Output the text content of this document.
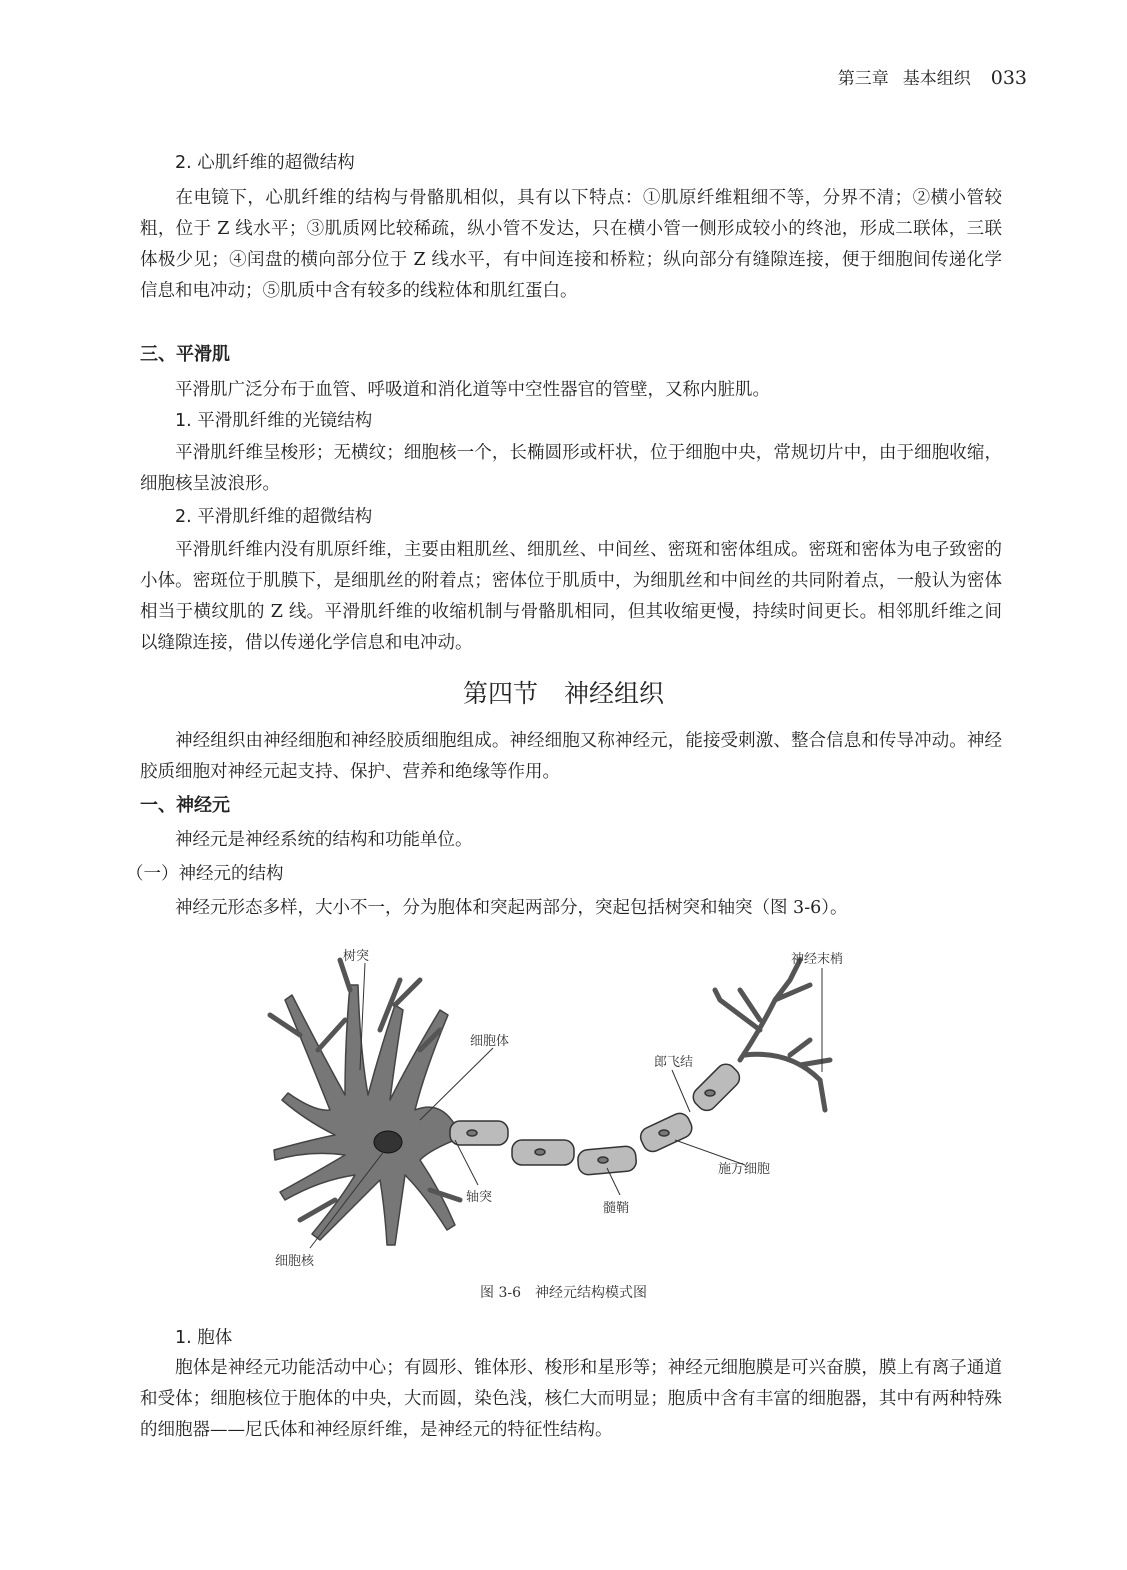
第三章 基本组织 033
2. 心肌纤维的超微结构
在电镜下，心肌纤维的结构与骨骼肌相似，具有以下特点：①肌原纤维粗细不等，分界不清；②横小管较粗，位于 Z 线水平；③肌质网比较稀疏，纵小管不发达，只在横小管一侧形成较小的终池，形成二联体，三联体极少见；④闰盘的横向部分位于 Z 线水平，有中间连接和桥粒；纵向部分有缝隙连接，便于细胞间传递化学信息和电冲动；⑤肌质中含有较多的线粒体和肌红蛋白。
三、平滑肌
平滑肌广泛分布于血管、呼吸道和消化道等中空性器官的管壁，又称内脏肌。
1. 平滑肌纤维的光镜结构
平滑肌纤维呈梭形；无横纹；细胞核一个，长椭圆形或杆状，位于细胞中央，常规切片中，由于细胞收缩，细胞核呈波浪形。
2. 平滑肌纤维的超微结构
平滑肌纤维内没有肌原纤维，主要由粗肌丝、细肌丝、中间丝、密斑和密体组成。密斑和密体为电子致密的小体。密斑位于肌膜下，是细肌丝的附着点；密体位于肌质中，为细肌丝和中间丝的共同附着点，一般认为密体相当于横纹肌的 Z 线。平滑肌纤维的收缩机制与骨骼肌相同，但其收缩更慢，持续时间更长。相邻肌纤维之间以缝隙连接，借以传递化学信息和电冲动。
第四节 神经组织
神经组织由神经细胞和神经胶质细胞组成。神经细胞又称神经元，能接受刺激、整合信息和传导冲动。神经胶质细胞对神经元起支持、保护、营养和绝缘等作用。
一、神经元
神经元是神经系统的结构和功能单位。
（一）神经元的结构
神经元形态多样，大小不一，分为胞体和突起两部分，突起包括树突和轴突（图 3-6）。
树突
细胞体
郎飞结
神经末梢
施万细胞
轴突
髓鞘
细胞核
图 3-6 神经元结构模式图
1. 胞体
胞体是神经元功能活动中心；有圆形、锥体形、梭形和星形等；神经元细胞膜是可兴奋膜，膜上有离子通道和受体；细胞核位于胞体的中央，大而圆，染色浅，核仁大而明显；胞质中含有丰富的细胞器，其中有两种特殊的细胞器——尼氏体和神经原纤维，是神经元的特征性结构。
